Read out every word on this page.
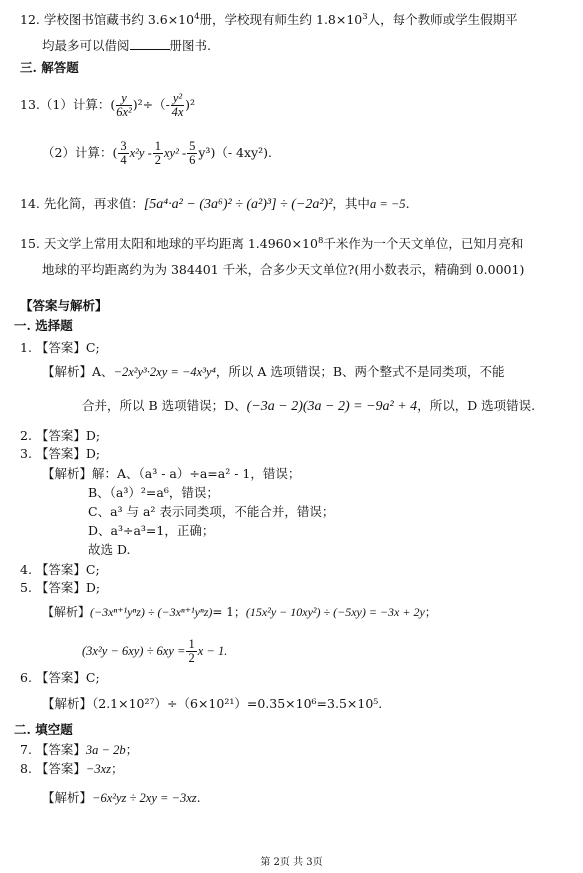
12. 学校图书馆藏书约 $3.6\times 10^4$册，学校现有师生约 $1.8\times 10^3$人，每个教师或学生假期平
均最多可以借阅	册图书.
三. 解答题
13.（1）计算：( $\frac{y}{\text{6x²}} )^2\div(- \frac{\text{y²}}{4x} )^2$
（2）计算：( $\frac{3}{4} x^2y - \frac{1}{2} xy^2 - \frac{5}{6} y^3)(-$ 4xy²).
14. 先化简，再求值：[5a⁴·a² − (3a⁶)² ÷ (a²)³] ÷ (−2a²)²，其中a = −5.
15. 天文学上常用太阳和地球的平均距离 $1.4960\times 10^8$千米作为一个天文单位，已知月亮和
地球的平均距离约为为 384401 千米，合多少天文单位?(用小数表示，精确到 0.0001)
【答案与解析】
一. 选择题
1. 【答案】C;
【解析】A、−2x²y³·2xy = −4x³y⁴，所以 A 选项错误；B、两个整式不是同类项，不能
合并，所以 B 选项错误；D、(−3a − 2)(3a − 2) = −9a² + 4，所以，D 选项错误.
2. 【答案】D;
3. 【答案】D;
【解析】解：A、（a³ - a）÷a=a² - 1，错误；
B、（a³）²=a⁶，错误；
C、a³ 与 a² 表示同类项，不能合并，错误；
D、a³÷a³=1，正确；
故选 D.
4. 【答案】C;
5. 【答案】D;
【解析】(−3xⁿ⁺¹yⁿz) ÷ (−3xⁿ⁺¹yⁿz)= 1；(15x²y − 10xy²) ÷ (−5xy) = −3x + 2y；
$(3x^2y - 6xy) \div 6xy = \frac{1}{2}$ x − 1.
6. 【答案】C;
【解析】（2.1×10²⁷）÷（6×10²¹）=0.35×10⁶=3.5×10⁵.
二. 填空题
7. 【答案】3a − 2b；
8. 【答案】−3xz；
【解析】−6x²yz ÷ 2xy = −3xz.
第 2页 共 3页
